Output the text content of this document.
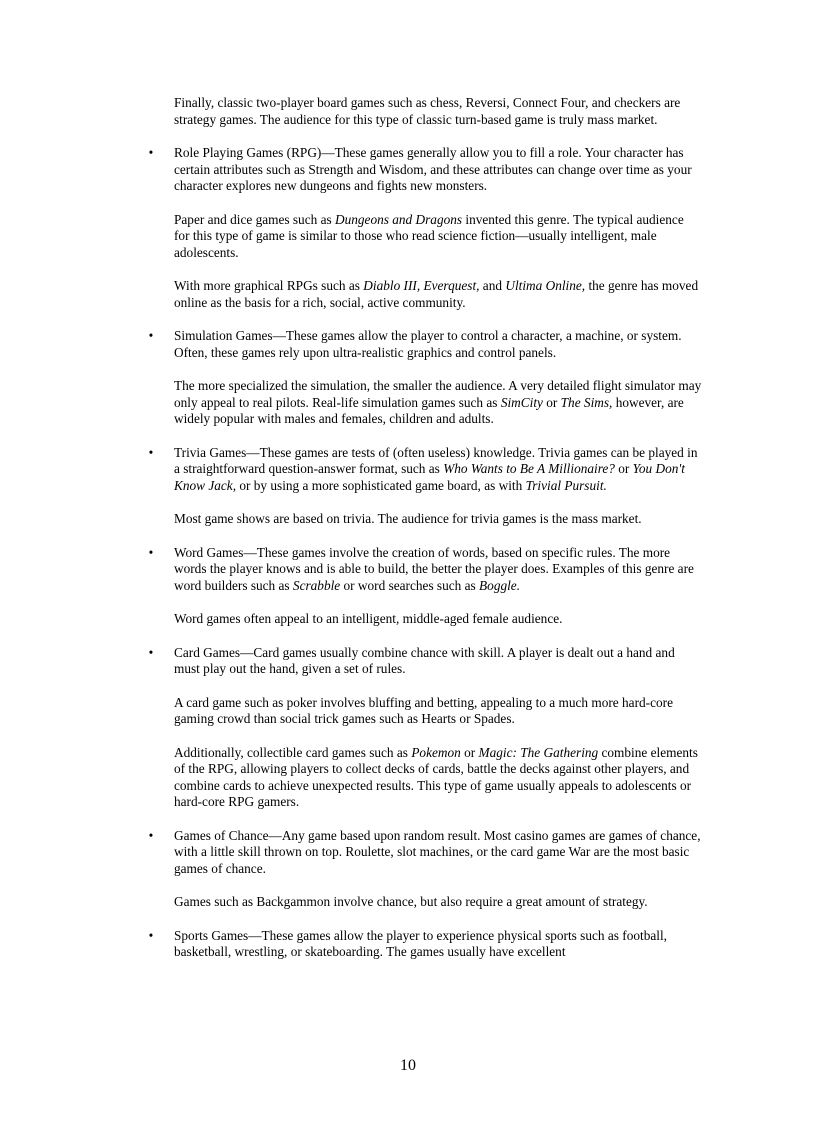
Finally, classic two-player board games such as chess, Reversi, Connect Four, and checkers are strategy games. The audience for this type of classic turn-based game is truly mass market.

• Role Playing Games (RPG)—These games generally allow you to fill a role. Your character has certain attributes such as Strength and Wisdom, and these attributes can change over time as your character explores new dungeons and fights new monsters.

Paper and dice games such as Dungeons and Dragons invented this genre. The typical audience for this type of game is similar to those who read science fiction—usually intelligent, male adolescents.

With more graphical RPGs such as Diablo III, Everquest, and Ultima Online, the genre has moved online as the basis for a rich, social, active community.

• Simulation Games—These games allow the player to control a character, a machine, or system. Often, these games rely upon ultra-realistic graphics and control panels.

The more specialized the simulation, the smaller the audience. A very detailed flight simulator may only appeal to real pilots. Real-life simulation games such as SimCity or The Sims, however, are widely popular with males and females, children and adults.

• Trivia Games—These games are tests of (often useless) knowledge. Trivia games can be played in a straightforward question-answer format, such as Who Wants to Be A Millionaire? or You Don't Know Jack, or by using a more sophisticated game board, as with Trivial Pursuit.

Most game shows are based on trivia. The audience for trivia games is the mass market.

• Word Games—These games involve the creation of words, based on specific rules. The more words the player knows and is able to build, the better the player does. Examples of this genre are word builders such as Scrabble or word searches such as Boggle.

Word games often appeal to an intelligent, middle-aged female audience.

• Card Games—Card games usually combine chance with skill. A player is dealt out a hand and must play out the hand, given a set of rules.

A card game such as poker involves bluffing and betting, appealing to a much more hard-core gaming crowd than social trick games such as Hearts or Spades.

Additionally, collectible card games such as Pokemon or Magic: The Gathering combine elements of the RPG, allowing players to collect decks of cards, battle the decks against other players, and combine cards to achieve unexpected results. This type of game usually appeals to adolescents or hard-core RPG gamers.

• Games of Chance—Any game based upon random result. Most casino games are games of chance, with a little skill thrown on top. Roulette, slot machines, or the card game War are the most basic games of chance.

Games such as Backgammon involve chance, but also require a great amount of strategy.

• Sports Games—These games allow the player to experience physical sports such as football, basketball, wrestling, or skateboarding. The games usually have excellent

10
